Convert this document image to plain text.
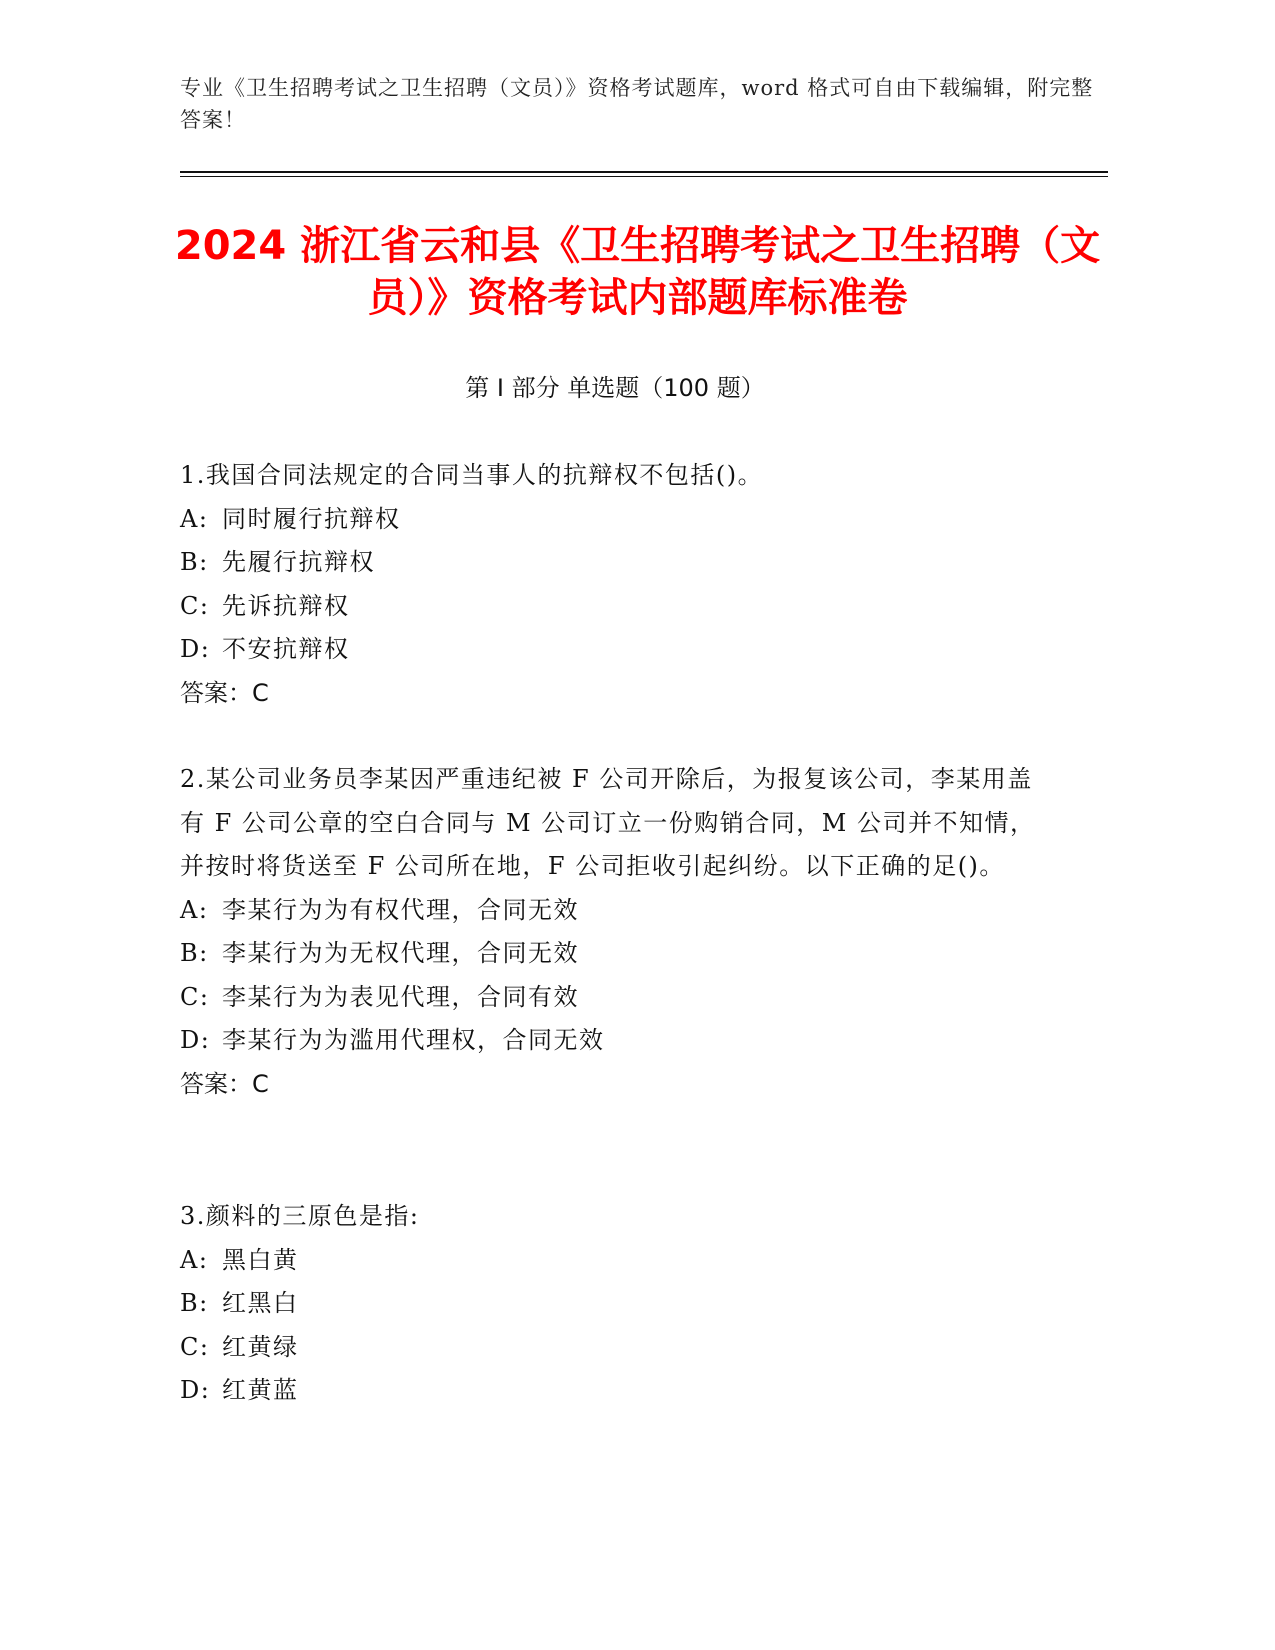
专业《卫生招聘考试之卫生招聘（文员）》资格考试题库，word 格式可自由下载编辑，附完整答案！
2024 浙江省云和县《卫生招聘考试之卫生招聘（文员）》资格考试内部题库标准卷
第 I 部分 单选题（100 题）
1.我国合同法规定的合同当事人的抗辩权不包括()。
A: 同时履行抗辩权
B: 先履行抗辩权
C: 先诉抗辩权
D: 不安抗辩权
答案：C
2.某公司业务员李某因严重违纪被 F 公司开除后，为报复该公司，李某用盖有 F 公司公章的空白合同与 M 公司订立一份购销合同，M 公司并不知情，并按时将货送至 F 公司所在地，F 公司拒收引起纠纷。以下正确的足()。
A: 李某行为为有权代理，合同无效
B: 李某行为为无权代理，合同无效
C: 李某行为为表见代理，合同有效
D: 李某行为为滥用代理权，合同无效
答案：C
3.颜料的三原色是指:
A: 黑白黄
B: 红黑白
C: 红黄绿
D: 红黄蓝
